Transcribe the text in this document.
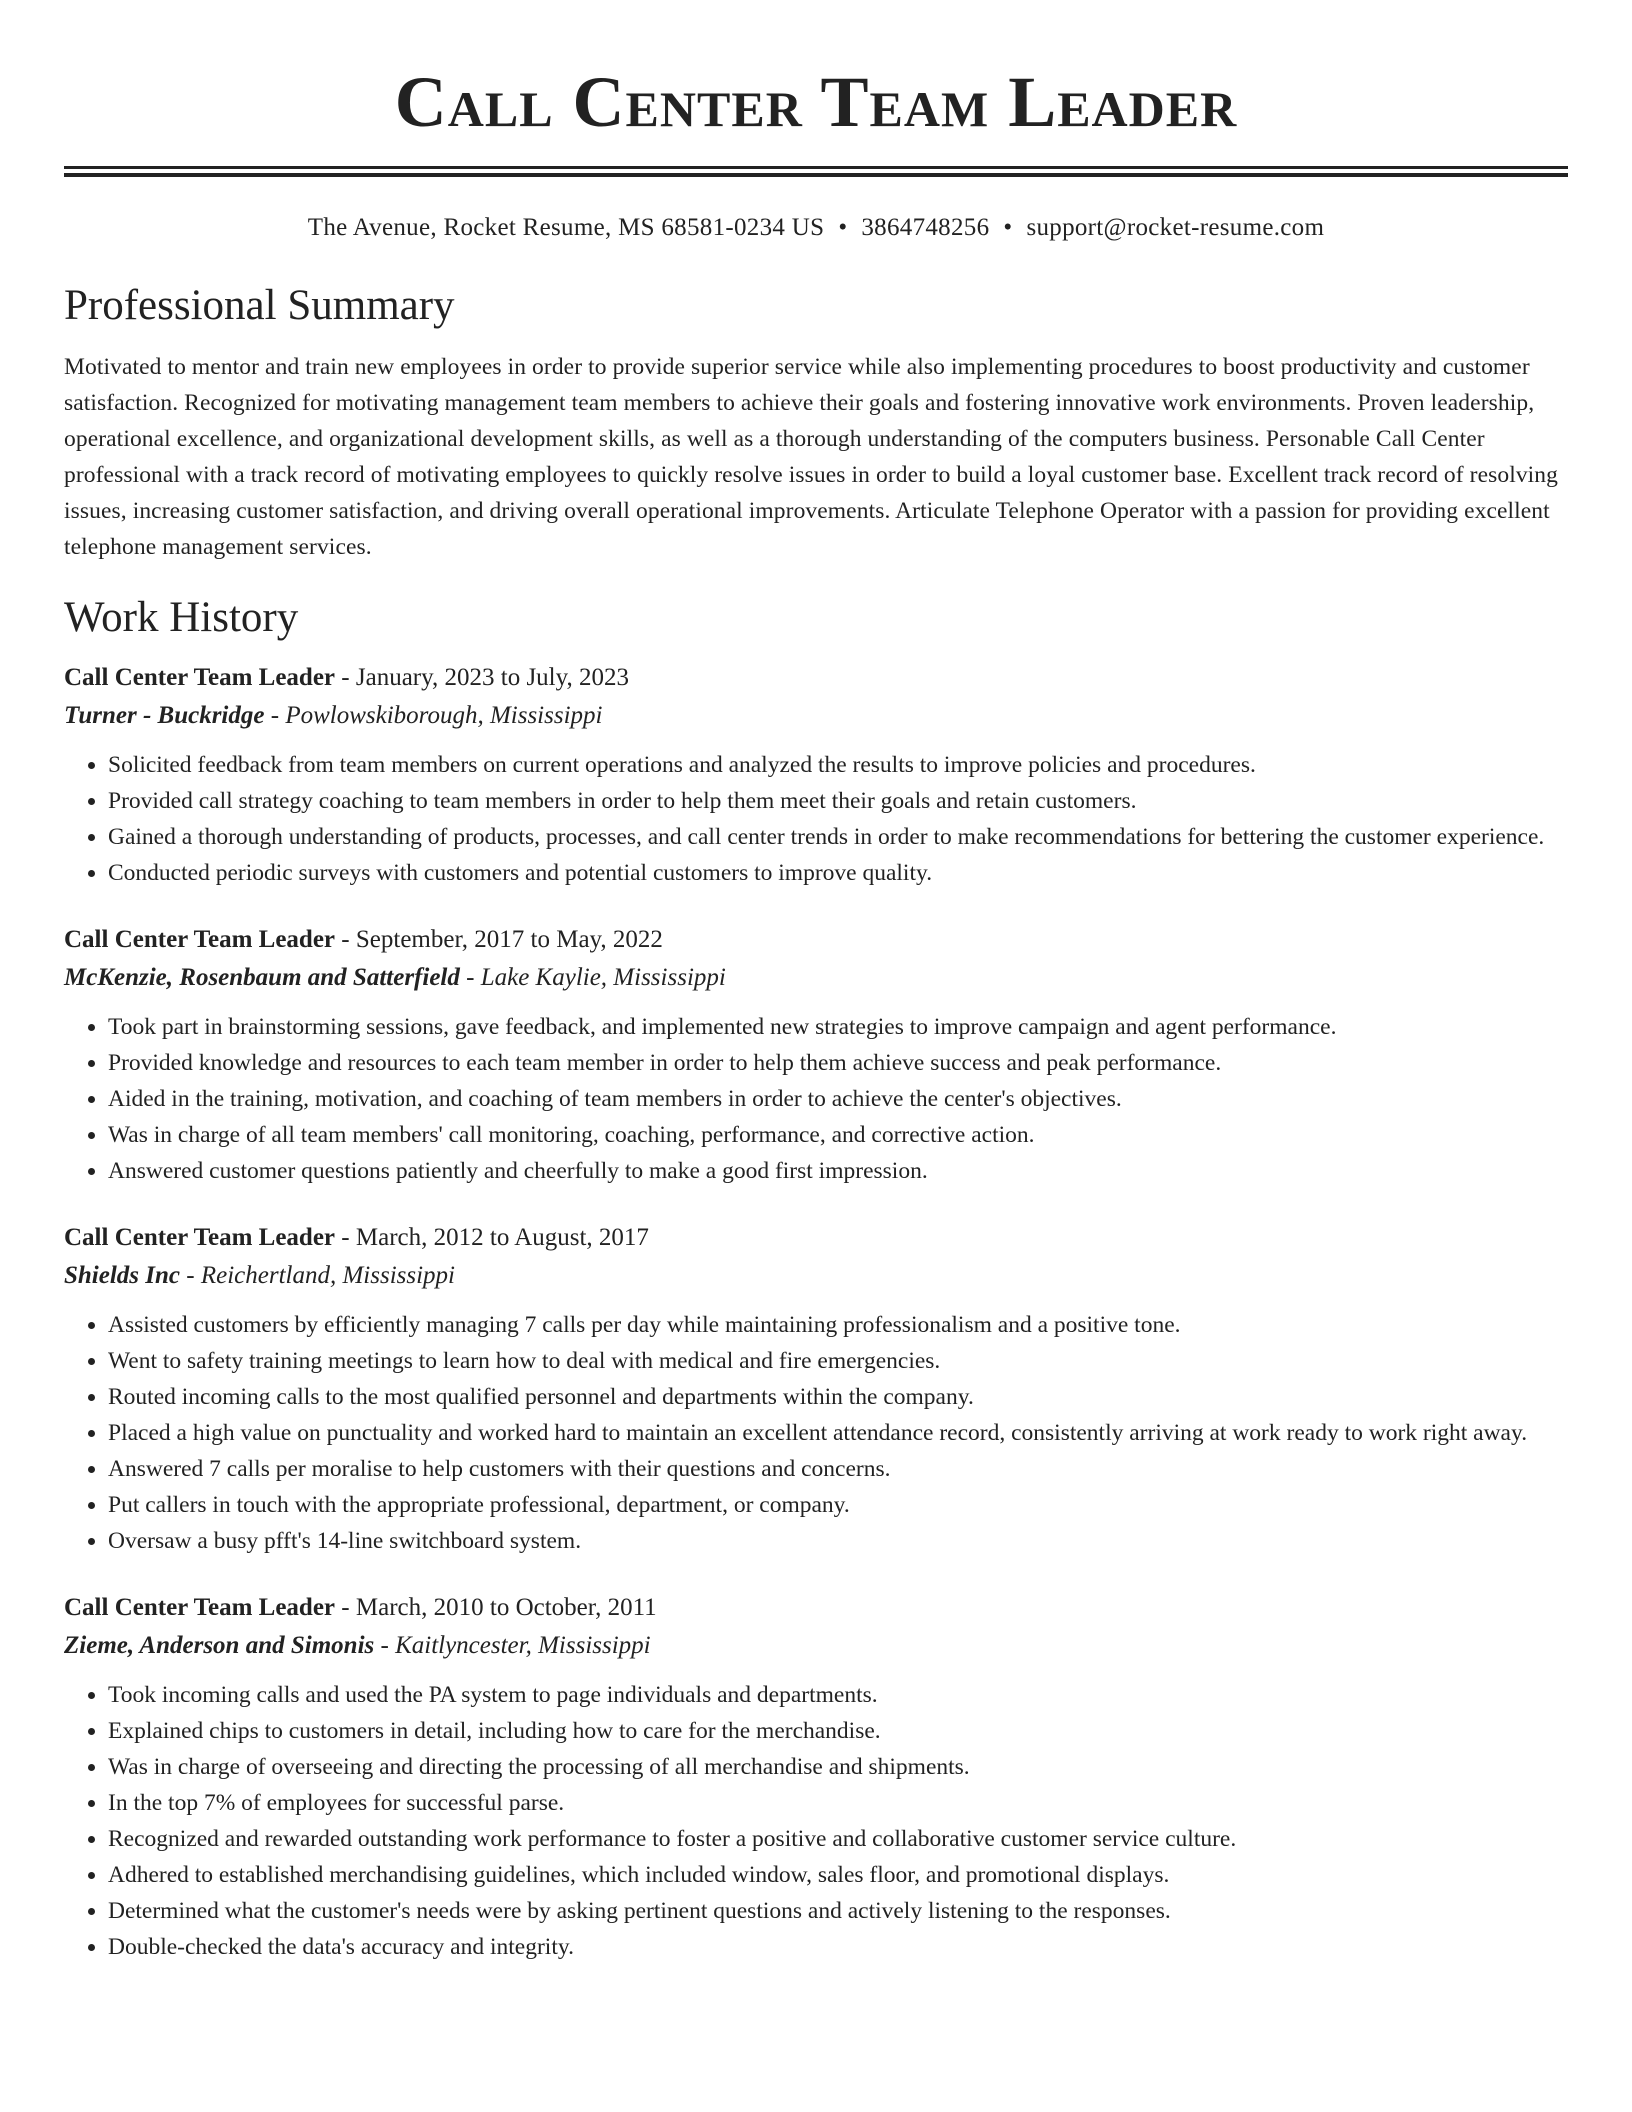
Call Center Team Leader
The Avenue, Rocket Resume, MS 68581-0234 US • 3864748256 • support@rocket-resume.com
Professional Summary

Motivated to mentor and train new employees in order to provide superior service while also implementing procedures to boost productivity and customer satisfaction. Recognized for motivating management team members to achieve their goals and fostering innovative work environments. Proven leadership, operational excellence, and organizational development skills, as well as a thorough understanding of the computers business. Personable Call Center professional with a track record of motivating employees to quickly resolve issues in order to build a loyal customer base. Excellent track record of resolving issues, increasing customer satisfaction, and driving overall operational improvements. Articulate Telephone Operator with a passion for providing excellent telephone management services.

Work History
Call Center Team Leader - January, 2023 to July, 2023
Turner - Buckridge - Powlowskiborough, Mississippi
• Solicited feedback from team members on current operations and analyzed the results to improve policies and procedures.
• Provided call strategy coaching to team members in order to help them meet their goals and retain customers.
• Gained a thorough understanding of products, processes, and call center trends in order to make recommendations for bettering the customer experience.
• Conducted periodic surveys with customers and potential customers to improve quality.
Call Center Team Leader - September, 2017 to May, 2022
McKenzie, Rosenbaum and Satterfield - Lake Kaylie, Mississippi
• Took part in brainstorming sessions, gave feedback, and implemented new strategies to improve campaign and agent performance.
• Provided knowledge and resources to each team member in order to help them achieve success and peak performance.
• Aided in the training, motivation, and coaching of team members in order to achieve the center's objectives.
• Was in charge of all team members' call monitoring, coaching, performance, and corrective action.
• Answered customer questions patiently and cheerfully to make a good first impression.
Call Center Team Leader - March, 2012 to August, 2017
Shields Inc - Reichertland, Mississippi
• Assisted customers by efficiently managing 7 calls per day while maintaining professionalism and a positive tone.
• Went to safety training meetings to learn how to deal with medical and fire emergencies.
• Routed incoming calls to the most qualified personnel and departments within the company.
• Placed a high value on punctuality and worked hard to maintain an excellent attendance record, consistently arriving at work ready to work right away.
• Answered 7 calls per moralise to help customers with their questions and concerns.
• Put callers in touch with the appropriate professional, department, or company.
• Oversaw a busy pfft's 14-line switchboard system.
Call Center Team Leader - March, 2010 to October, 2011
Zieme, Anderson and Simonis - Kaitlyncester, Mississippi
• Took incoming calls and used the PA system to page individuals and departments.
• Explained chips to customers in detail, including how to care for the merchandise.
• Was in charge of overseeing and directing the processing of all merchandise and shipments.
• In the top 7% of employees for successful parse.
• Recognized and rewarded outstanding work performance to foster a positive and collaborative customer service culture.
• Adhered to established merchandising guidelines, which included window, sales floor, and promotional displays.
• Determined what the customer's needs were by asking pertinent questions and actively listening to the responses.
• Double-checked the data's accuracy and integrity.
